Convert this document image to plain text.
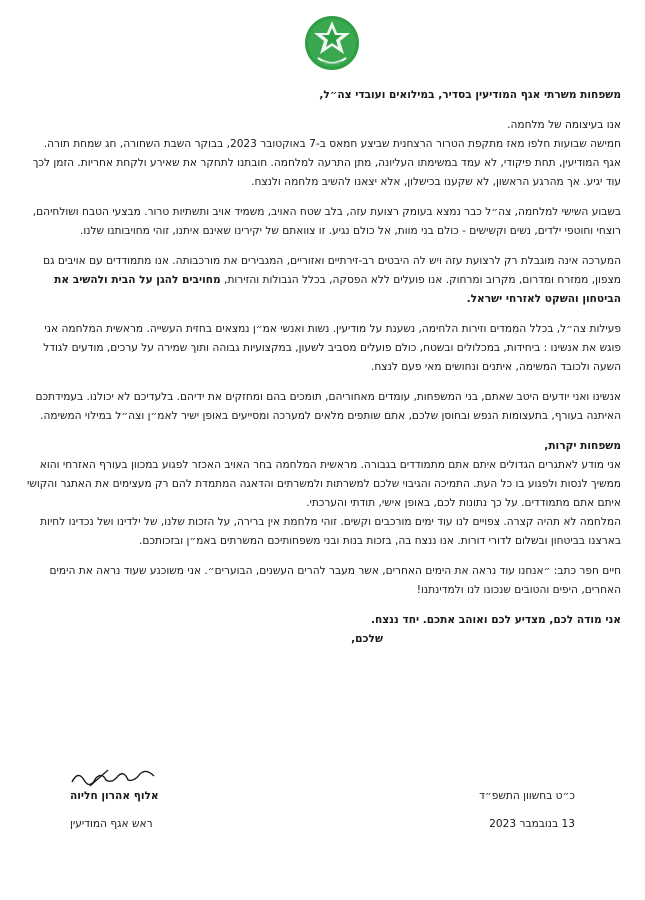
משפחות משרתי אגף המודיעין בסדיר, במילואים ועובדי צה״ל,

אנו בעיצומה של מלחמה.

חמישה שבועות חלפו מאז מתקפת הטרור הרצחנית שביצע חמאס ב-7 באוקטובר 2023, בבוקר השבת השחורה, חג שמחת תורה. אגף המודיעין, תחת פיקודי, לא עמד במשימתו העליונה, מתן התרעה למלחמה. חובתנו לתחקר את שאירע ולקחת אחריות. הזמן לכך עוד יגיע. אך מהרגע הראשון, לא שקענו בכישלון, אלא יצאנו להשיב מלחמה ולנצח.

בשבוע השישי למלחמה, צה״ל כבר נמצא בעומק רצועת עזה, בלב שטח האויב, משמיד אויב ותשתיות טרור. מבצעי הטבח ושולחיהם, רוצחי וחוטפי ילדים, נשים וקשישים - כולם בני מוות, אל כולם נגיע. זו צוואתם של יקירינו שאינם איתנו, זוהי מחויבותנו שלנו.

המערכה אינה מוגבלת רק לרצועת עזה ויש לה היבטים רב-זירתיים ואזוריים, המגבירים את מורכבותה. אנו מתמודדים עם אויבים גם מצפון, ממזרח ומדרום, מקרוב ומרחוק. אנו פועלים ללא הפסקה, בכלל הגבולות והזירות, מחויבים להגן על הבית ולהשיב את הביטחון והשקט לאזרחי ישראל.

פעילות צה״ל, בכלל המִמדים וזירות הלחימה, נשענת על מודיעין. נשות ואנשי אמ״ן נמצאים בחזית העשייה. מראשית המלחמה אני פוגש את אנשינו : ביחידות, במכלולים ובשטח, כולם פועלים מסביב לשעון, במקצועיות גבוהה ותוך שמירה על ערכים, מודעים לגודל השעה ולכובד המשימה, איתנים ונחושים מאי פעם לנצח.

אנשינו ואני יודעים היטב שאתם, בני המשפחות, עומדים מאחוריהם, תומכים בהם ומחזקים את ידיהם. בלעדיכם לא יכולנו. בעמידתכם האיתנה בעורף, בתעצומות הנפש ובחוסן שלכם, אתם שותפים מלאים למערכה ומסייעים באופן ישיר לאמ״ן וצה״ל במילוי המשימה.

משפחות יקרות,

אני מודע לאתגרים הגדולים איתם אתם מתמודדים בגבורה. מראשית המלחמה בחר האויב האכזר לפגוע במכוון בעורף האזרחי והוא ממשיך לנסות ולפגוע בו כל העת. התמיכה והגיבוי שלכם למשרתות ולמשרתים והדאגה המתמדת להם רק מעצימים את האתגר והקושי איתם אתם מתמודדים. על כך נתונות לכם, באופן אישי, תודתי והערכתי.

המלחמה לא תהיה קצרה. צפויים לנו עוד ימים מורכבים וקשים. זוהי מלחמת אין ברירה, על הזכות שלנו, של ילדינו ושל נכדינו לחיות בארצנו בביטחון ובשלום לדורי דורות. אנו ננצח בה, בזכות בנות ובני משפחותיכם המשרתים באמ״ן ובזכותכם.

חיים חפר כתב: ״אנחנו עוד נראה את הימים האחרים, אשר מעבר להרים העשנים, הבוערים״. אני משוכנע שעוד נראה את הימים האחרים, היפים והטובים שנכונו לנו ולמדינתנו!

אני מודה לכם, מצדיע לכם ואוהב אתכם. יחד ננצח.

שלכם,

כ״ט בחשוון התשפ״ד
13 בנובמבר 2023
אלוף אהרון חליוה
ראש אגף המודיעין
